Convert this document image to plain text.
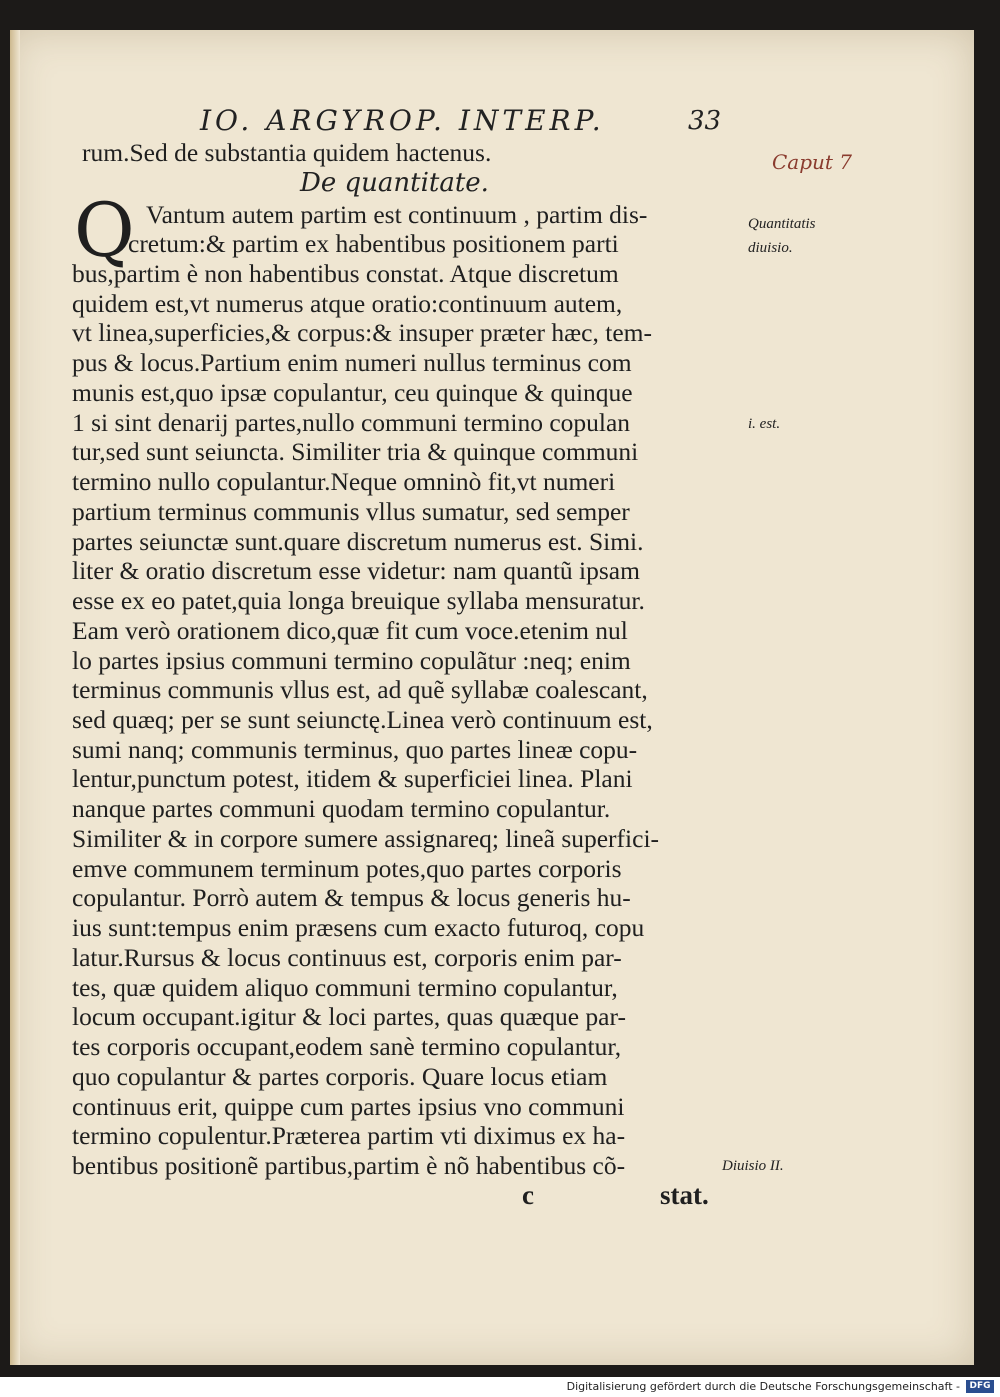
IO. ARGYROP. INTERP.	33
Caput 7

rum.Sed de substantia quidem hactenus.

De quantitate.
Q Vantum autem partim est continuum , partim dis-

cretum:& partim ex habentibus positionem parti

bus,partim è non habentibus constat. Atque discretum

quidem est,vt numerus atque oratio:continuum autem,

vt linea,superficies,& corpus:& insuper præter hæc, tem-

pus & locus.Partium enim numeri nullus terminus com

munis est,quo ipsæ copulantur, ceu quinque & quinque

1 si sint denarij partes,nullo communi termino copulan

tur,sed sunt seiuncta. Similiter tria & quinque communi

termino nullo copulantur.Neque omninò fit,vt numeri

partium terminus communis vllus sumatur, sed semper

partes seiunctæ sunt.quare discretum numerus est. Simi.

liter & oratio discretum esse videtur: nam quantũ ipsam

esse ex eo patet,quia longa breuique syllaba mensuratur.

Eam verò orationem dico,quæ fit cum voce.etenim nul

lo partes ipsius communi termino copulãtur :neq; enim

terminus communis vllus est, ad quẽ syllabæ coalescant,

sed quæq; per se sunt seiunctę.Linea verò continuum est,

sumi nanq; communis terminus, quo partes lineæ copu-

lentur,punctum potest, itidem & superficiei linea. Plani

nanque partes communi quodam termino copulantur.

Similiter & in corpore sumere assignareq; lineã superfici-

emve communem terminum potes,quo partes corporis

copulantur. Porrò autem & tempus & locus generis hu-

ius sunt:tempus enim præsens cum exacto futuroq, copu

latur.Rursus & locus continuus est, corporis enim par-

tes, quæ quidem aliquo communi termino copulantur,

locum occupant.igitur & loci partes, quas quæque par-

tes corporis occupant,eodem sanè termino copulantur,

quo copulantur & partes corporis. Quare locus etiam

continuus erit, quippe cum partes ipsius vno communi

termino copulentur.Præterea partim vti diximus ex ha-

bentibus positionẽ partibus,partim è nõ habentibus cõ-

Quantitatis
diuisio.
i. est.
Diuisio II.
c	stat.
Digitalisierung gefördert durch die Deutsche Forschungsgemeinschaft -	DFG
